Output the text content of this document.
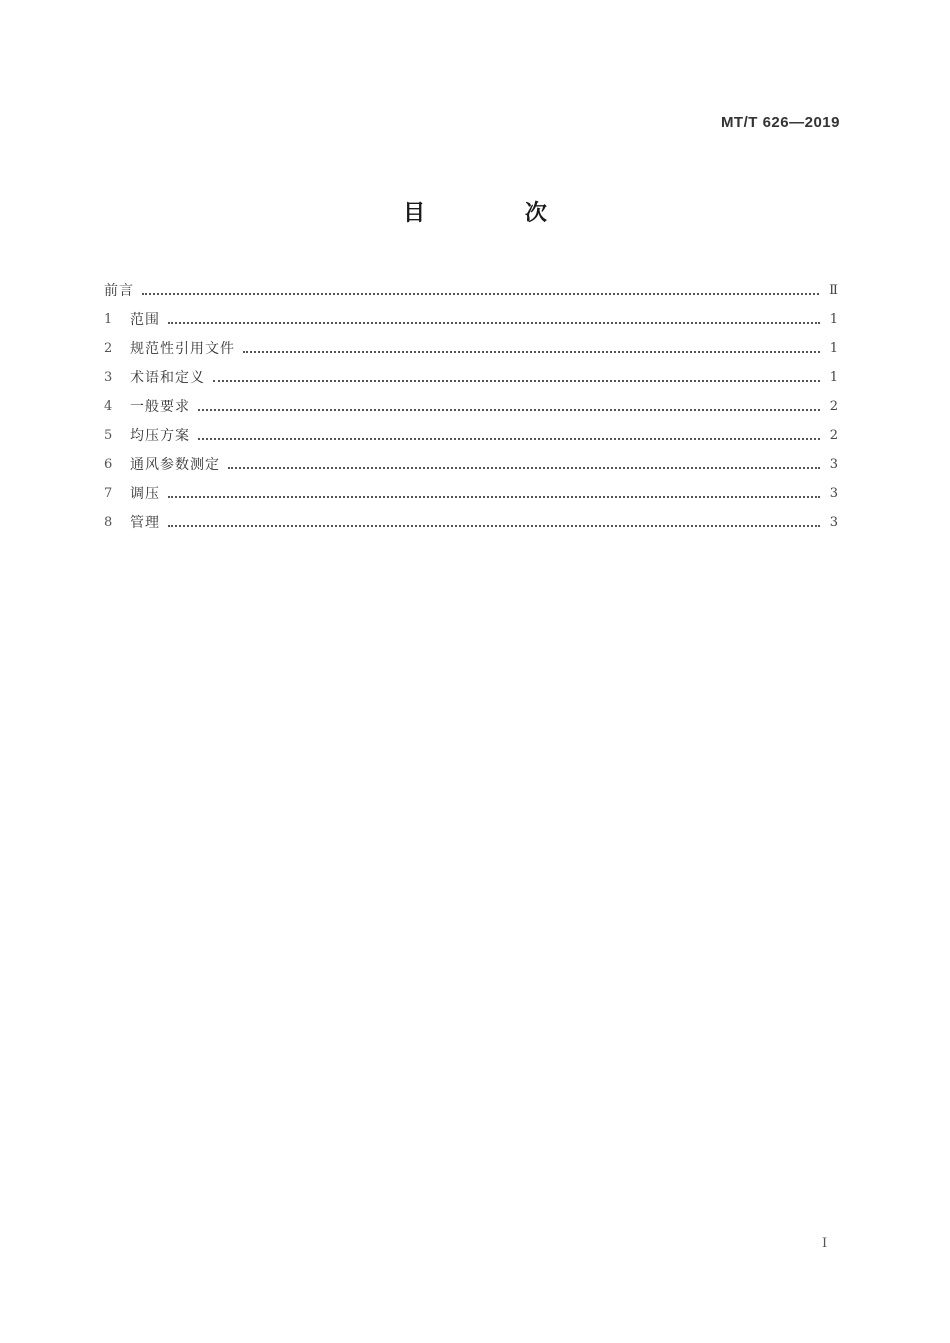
MT/T 626—2019
目 次
前言	Ⅱ
1	范围	1
2	规范性引用文件	1
3	术语和定义	1
4	一般要求	2
5	均压方案	2
6	通风参数测定	3
7	调压	3
8	管理	3
Ⅰ
